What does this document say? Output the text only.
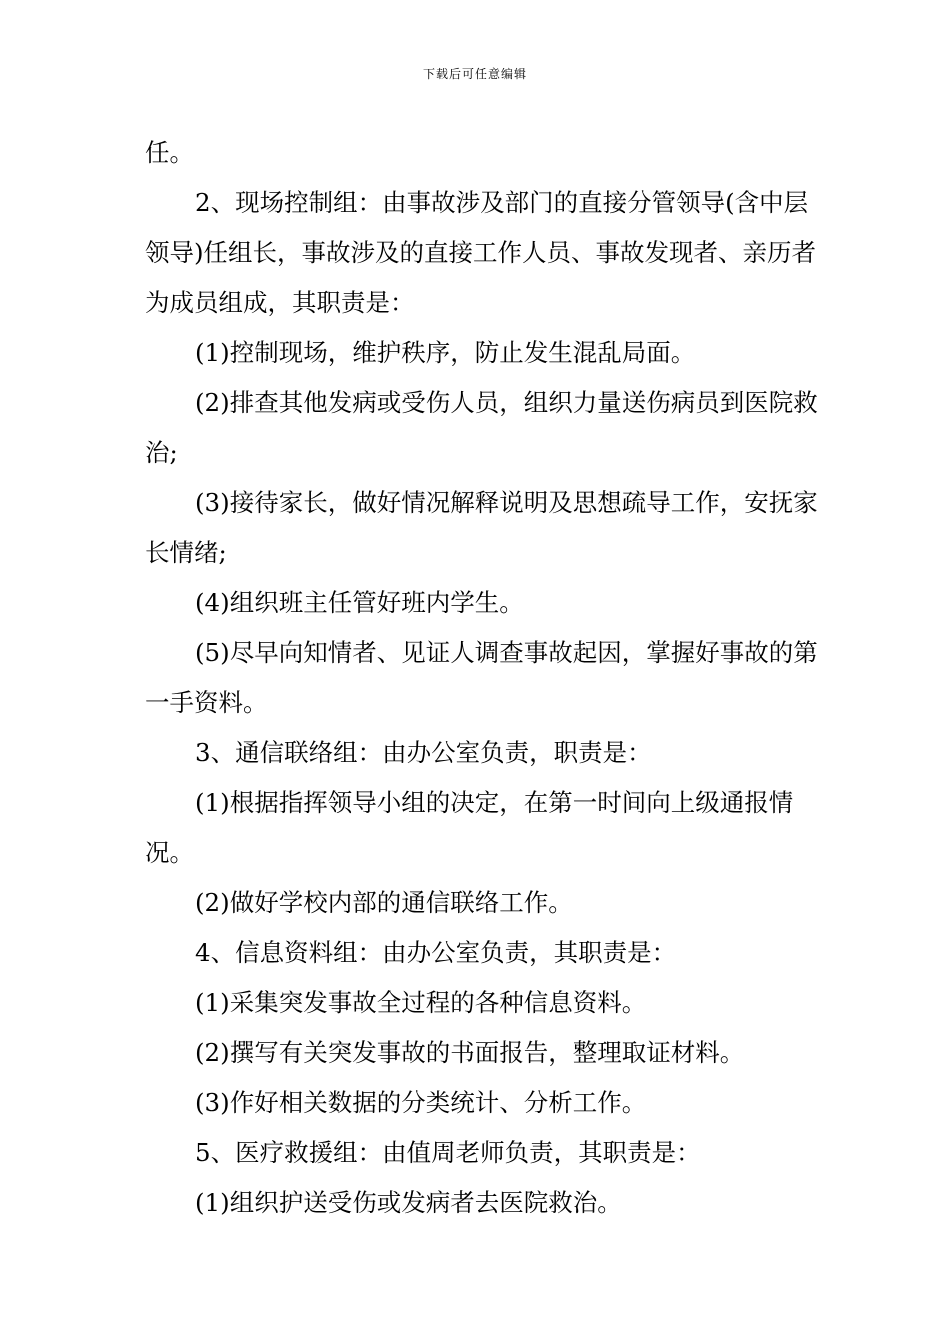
下载后可任意编辑

任。

2、现场控制组：由事故涉及部门的直接分管领导(含中层领导)任组长，事故涉及的直接工作人员、事故发现者、亲历者为成员组成，其职责是：

(1)控制现场，维护秩序，防止发生混乱局面。

(2)排查其他发病或受伤人员，组织力量送伤病员到医院救治;

(3)接待家长，做好情况解释说明及思想疏导工作，安抚家长情绪;

(4)组织班主任管好班内学生。

(5)尽早向知情者、见证人调查事故起因，掌握好事故的第一手资料。

3、通信联络组：由办公室负责，职责是：

(1)根据指挥领导小组的决定，在第一时间向上级通报情况。

(2)做好学校内部的通信联络工作。

4、信息资料组：由办公室负责，其职责是：

(1)采集突发事故全过程的各种信息资料。

(2)撰写有关突发事故的书面报告，整理取证材料。

(3)作好相关数据的分类统计、分析工作。

5、医疗救援组：由值周老师负责，其职责是：

(1)组织护送受伤或发病者去医院救治。
